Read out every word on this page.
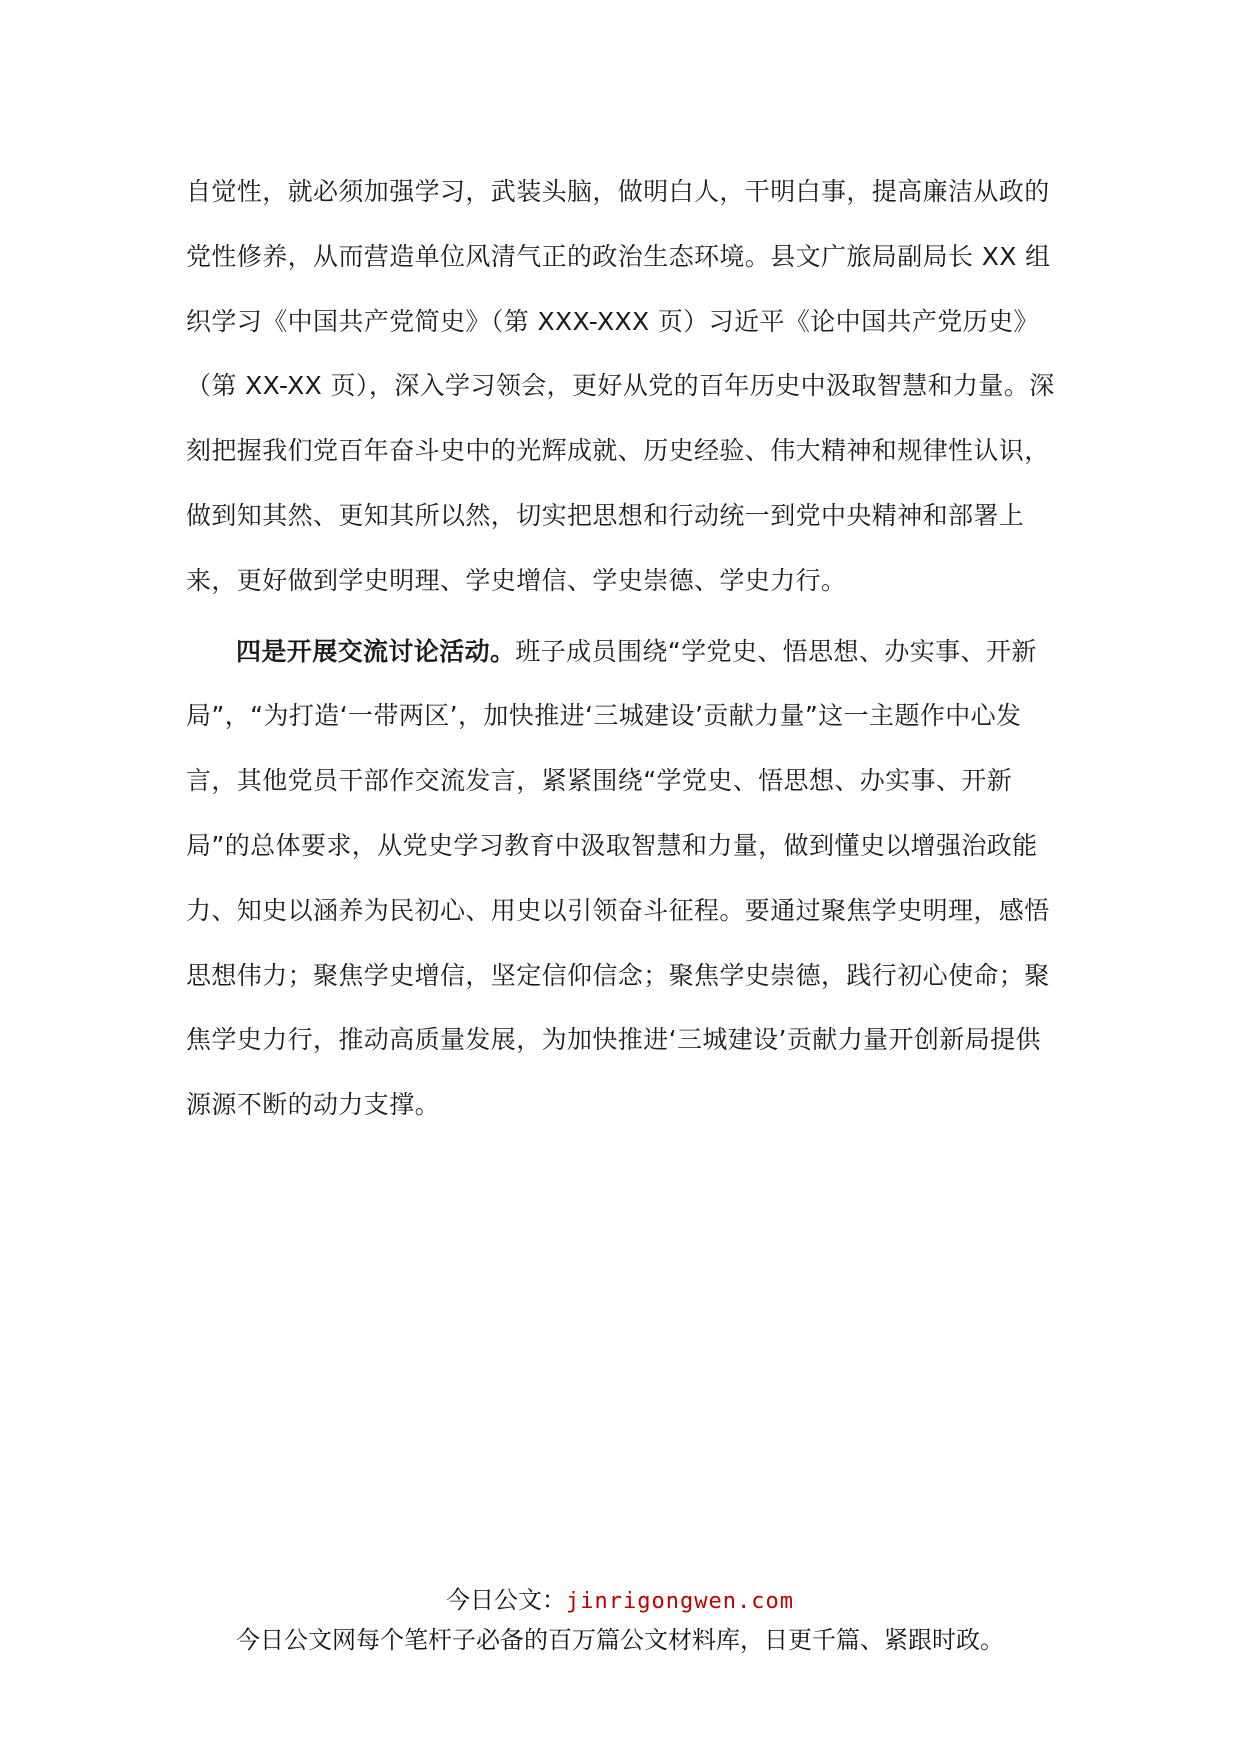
自觉性，就必须加强学习，武装头脑，做明白人，干明白事，提高廉洁从政的党性修养，从而营造单位风清气正的政治生态环境。县文广旅局副局长 XX 组织学习《中国共产党简史》（第 XXX-XXX 页）习近平《论中国共产党历史》（第 XX-XX 页），深入学习领会，更好从党的百年历史中汲取智慧和力量。深刻把握我们党百年奋斗史中的光辉成就、历史经验、伟大精神和规律性认识，做到知其然、更知其所以然，切实把思想和行动统一到党中央精神和部署上来，更好做到学史明理、学史增信、学史崇德、学史力行。

四是开展交流讨论活动。班子成员围绕“学党史、悟思想、办实事、开新局”，“为打造‘一带两区’，加快推进‘三城建设’贡献力量”这一主题作中心发言，其他党员干部作交流发言，紧紧围绕“学党史、悟思想、办实事、开新局”的总体要求，从党史学习教育中汲取智慧和力量，做到懂史以增强治政能力、知史以涵养为民初心、用史以引领奋斗征程。要通过聚焦学史明理，感悟思想伟力；聚焦学史增信，坚定信仰信念；聚焦学史崇德，践行初心使命；聚焦学史力行，推动高质量发展，为加快推进‘三城建设’贡献力量开创新局提供源源不断的动力支撑。

今日公文：jinrigongwen.com
今日公文网每个笔杆子必备的百万篇公文材料库，日更千篇、紧跟时政。
